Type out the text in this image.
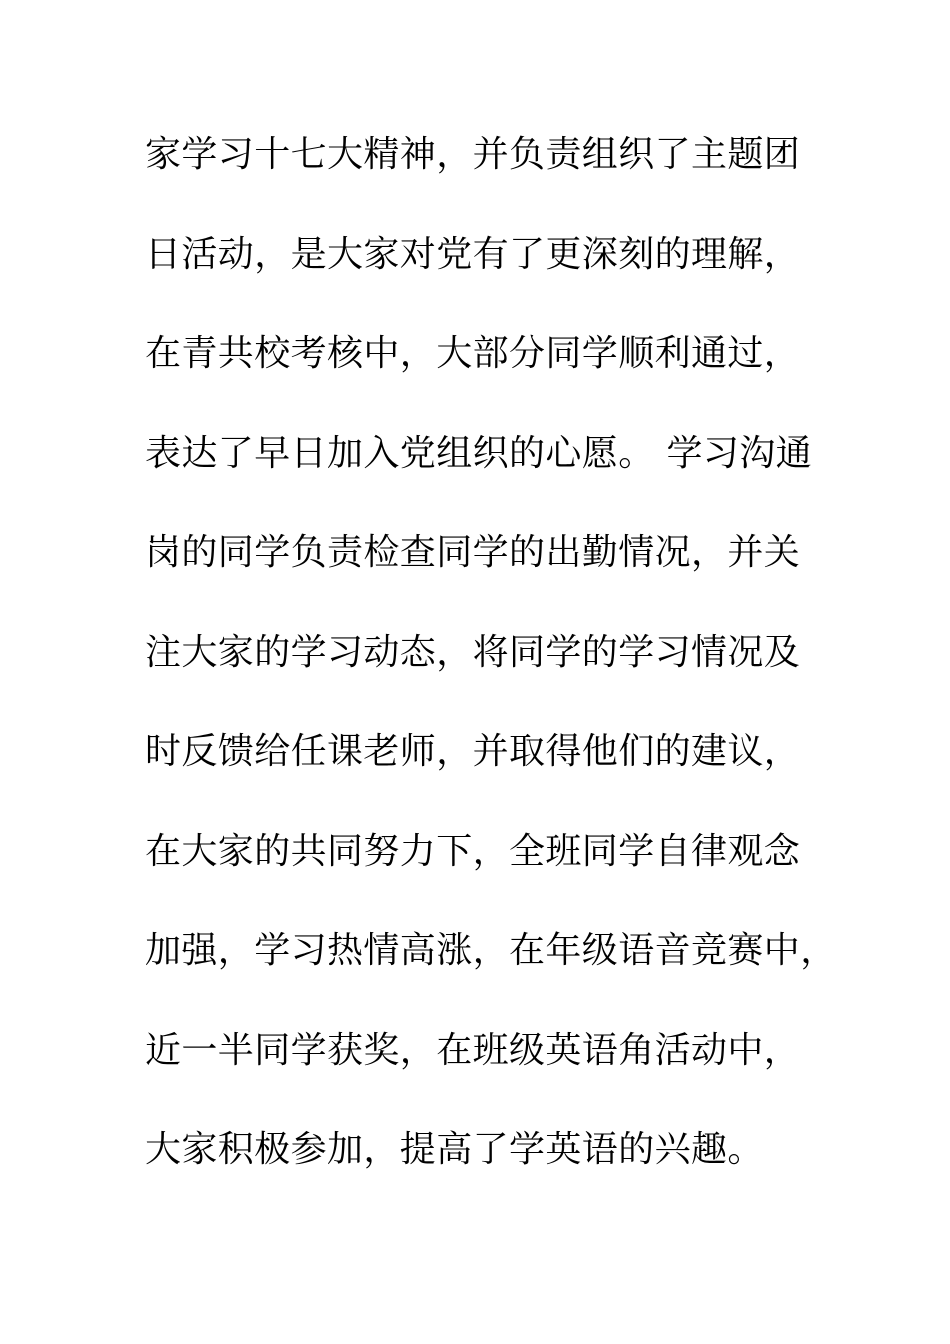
家学习十七大精神，并负责组织了主题团
日活动，是大家对党有了更深刻的理解，
在青共校考核中，大部分同学顺利通过，
表达了早日加入党组织的心愿。 学习沟通
岗的同学负责检查同学的出勤情况，并关
注大家的学习动态，将同学的学习情况及
时反馈给任课老师，并取得他们的建议，
在大家的共同努力下，全班同学自律观念
加强，学习热情高涨，在年级语音竞赛中，
近一半同学获奖，在班级英语角活动中，
大家积极参加，提高了学英语的兴趣。
